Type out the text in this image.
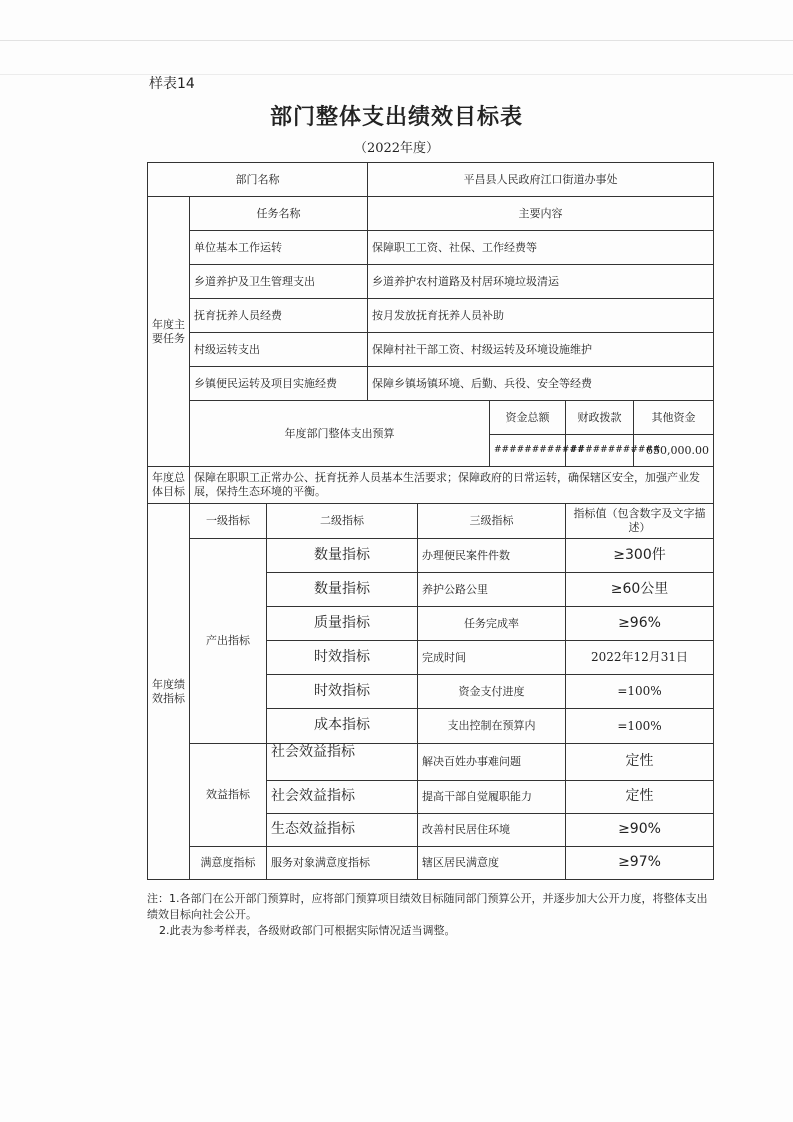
样表14
部门整体支出绩效目标表
（2022年度）
部门名称			平昌县人民政府江口街道办事处				
年度主要任务	任务名称		主要内容				
	单位基本工作运转		保障职工工资、社保、工作经费等				
	乡道养护及卫生管理支出		乡道养护农村道路及村居环境垃圾清运				
	抚育抚养人员经费		按月发放抚育抚养人员补助				
	村级运转支出		保障村社干部工资、村级运转及环境设施维护				
	乡镇便民运转及项目实施经费		保障乡镇场镇环境、后勤、兵役、安全等经费				
	年度部门整体支出预算				资金总额	财政拨款	其他资金
					############	############	650,000.00
年度总体目标	保障在职职工正常办公、抚育抚养人员基本生活要求；保障政府的日常运转，确保辖区安全，加强产业发展，保持生态环境的平衡。						
年度绩效指标	一级指标	二级指标		三级指标		指标值（包含数字及文字描述）	
	产出指标	数量指标		办理便民案件件数		≥300件	
		数量指标		养护公路公里		≥60公里	
		质量指标		任务完成率		≥96%	
		时效指标		完成时间		2022年12月31日	
		时效指标		资金支付进度		=100%	
		成本指标		支出控制在预算内		=100%	
	效益指标	社会效益指标		解决百姓办事难问题		定性	
		社会效益指标		提高干部自觉履职能力		定性	
		生态效益指标		改善村民居住环境		≥90%	
	满意度指标	服务对象满意度指标		辖区居民满意度		≥97%	
注：1.各部门在公开部门预算时，应将部门预算项目绩效目标随同部门预算公开，并逐步加大公开力度，将整体支出绩效目标向社会公开。
2.此表为参考样表，各级财政部门可根据实际情况适当调整。
